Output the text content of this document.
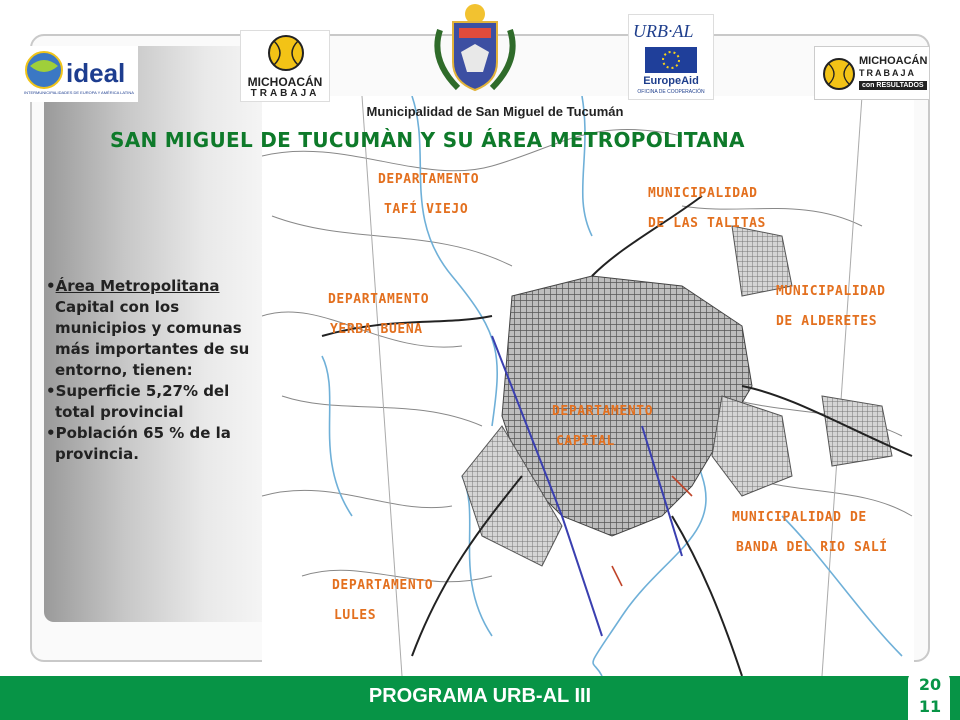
ideal
INTERMUNICIPALIDADES DE EUROPA Y AMÉRICA LATINA
MICHOACÁN
TRABAJA
URB·AL
EuropeAid
OFICINA DE COOPERACIÓN
MICHOACÁN
TRABAJA
con RESULTADOS
Municipalidad de San Miguel de Tucumán
SAN MIGUEL DE TUCUMÀN Y SU ÁREA METROPOLITANA
•Área Metropolitana
Capital con los municipios y comunas más importantes de su entorno, tienen:
•Superficie 5,27% del total provincial
•Población 65 % de la provincia.
DEPARTAMENTO
TAFÍ VIEJO
MUNICIPALIDAD
DE LAS TALITAS
MUNICIPALIDAD
DE ALDERETES
DEPARTAMENTO
YERBA BUENA
DEPARTAMENTO
CAPITAL
MUNICIPALIDAD DE
BANDA DEL RIO SALÍ
DEPARTAMENTO
LULES
PROGRAMA URB-AL III
20
11
